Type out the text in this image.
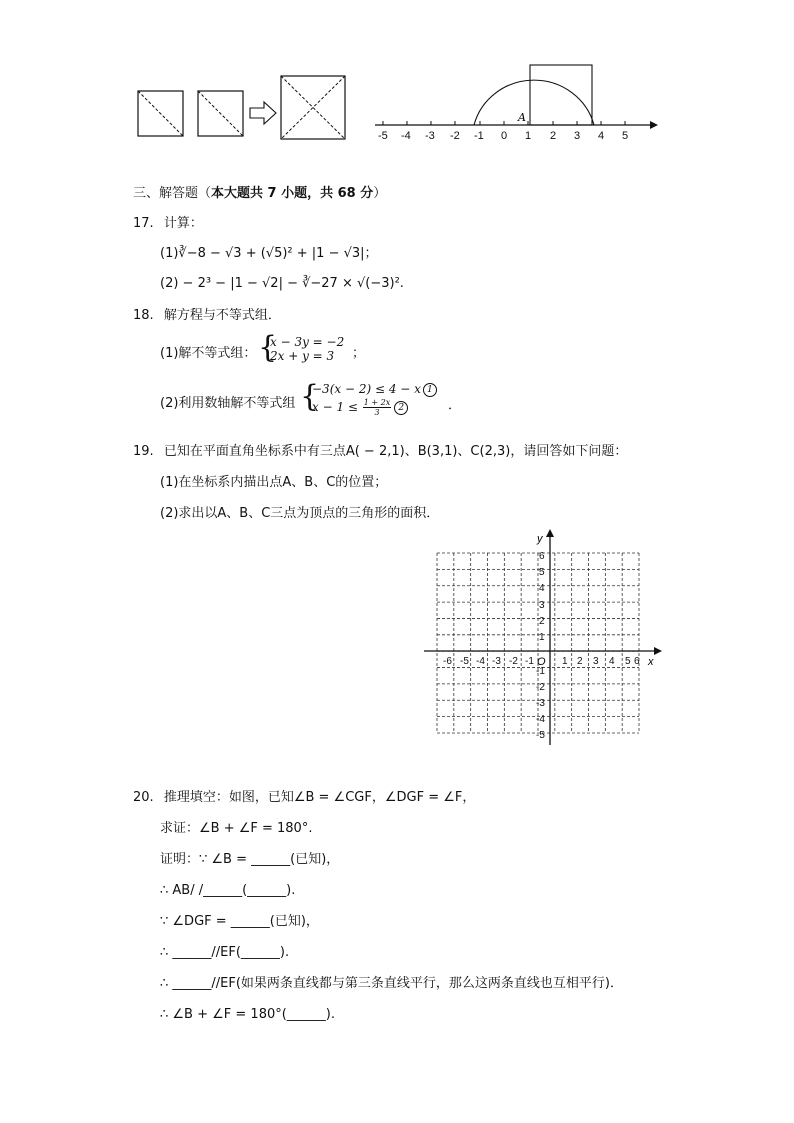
A
-5 -4 -3 -2 -1 0 1 2 3 4 5
三、解答题（本大题共 7 小题，共 68 分）
17. 计算：
(1)∛−8 − √3 + (√5)² + |1 − √3|；
(2) − 2³ − |1 − √2| − ∛−27 × √(−3)².
18. 解方程与不等式组．
(1)解不等式组： {
x − 3y = −2
2x + y = 3 ；
(2)利用数轴解不等式组 {
−3(x − 2) ≤ 4 − x 1
$x - 1 \le \frac{1 + 2x}{3} 2$	．
19. 已知在平面直角坐标系中有三点A( − 2,1)、B(3,1)、C(2,3)，请回答如下问题：
(1)在坐标系内描出点A、B、C的位置；
(2)求出以A、B、C三点为顶点的三角形的面积．
x
y
O
-6 -5 -4 -3 -2 -1	1 2 3 4 5 6
1
2
3
4
5
6
-1
-2
-3
-4
-5
20. 推理填空：如图，已知∠B = ∠CGF，∠DGF = ∠F，
求证：∠B + ∠F = 180°.
证明：∵ ∠B = ______(已知)，
∴ AB/ /______(______).
∵ ∠DGF = ______(已知)，
∴ ______//EF(______).
∴ ______//EF(如果两条直线都与第三条直线平行，那么这两条直线也互相平行)．
∴ ∠B + ∠F = 180°(______).
